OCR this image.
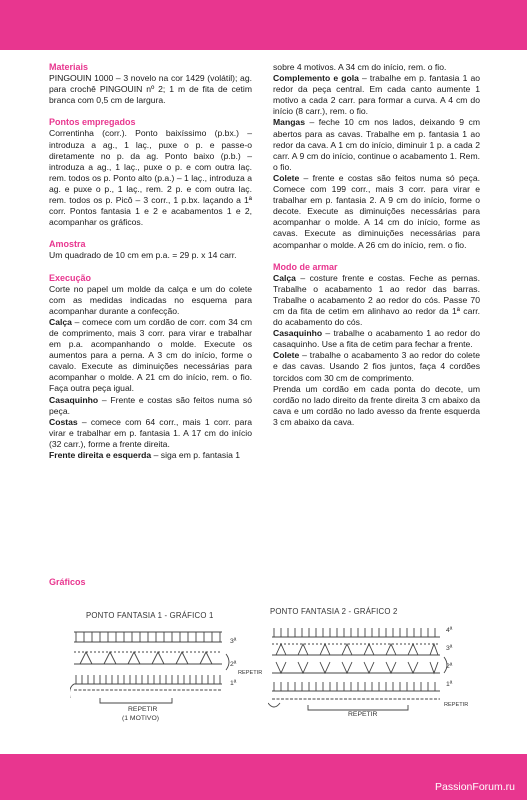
Materiais

PINGOUIN 1000 – 3 novelo na cor 1429 (volátil); ag. para crochê PINGOUIN nº 2; 1 m de fita de cetim branca com 0,5 cm de largura.

Pontos empregados

Correntinha (corr.). Ponto baixíssimo (p.bx.) – introduza a ag., 1 laç., puxe o p. e passe-o diretamente no p. da ag. Ponto baixo (p.b.) – introduza a ag., 1 laç., puxe o p. e com outra laç. rem. todos os p. Ponto alto (p.a.) – 1 laç., introduza a ag. e puxe o p., 1 laç., rem. 2 p. e com outra laç. rem. todos os p. Picô – 3 corr., 1 p.bx. laçando a 1ª corr. Pontos fantasia 1 e 2 e acabamentos 1 e 2, acompanhar os gráficos.

Amostra

Um quadrado de 10 cm em p.a. = 29 p. x 14 carr.

Execução

Corte no papel um molde da calça e um do colete com as medidas indicadas no esquema para acompanhar durante a confecção.

Calça – comece com um cordão de corr. com 34 cm de comprimento, mais 3 corr. para virar e trabalhar em p.a. acompanhando o molde. Execute os aumentos para a perna. A 3 cm do início, forme o cavalo. Execute as diminuições necessárias para acompanhar o molde. A 21 cm do início, rem. o fio. Faça outra peça igual.

Casaquinho – Frente e costas são feitos numa só peça.

Costas – comece com 64 corr., mais 1 corr. para virar e trabalhar em p. fantasia 1. A 17 cm do início (32 carr.), forme a frente direita.

Frente direita e esquerda – siga em p. fantasia 1

sobre 4 motivos. A 34 cm do início, rem. o fio.

Complemento e gola – trabalhe em p. fantasia 1 ao redor da peça central. Em cada canto aumente 1 motivo a cada 2 carr. para formar a curva. A 4 cm do início (8 carr.), rem. o fio.

Mangas – feche 10 cm nos lados, deixando 9 cm abertos para as cavas. Trabalhe em p. fantasia 1 ao redor da cava. A 1 cm do início, diminuir 1 p. a cada 2 carr. A 9 cm do início, continue o acabamento 1. Rem. o fio.

Colete – frente e costas são feitos numa só peça. Comece com 199 corr., mais 3 corr. para virar e trabalhar em p. fantasia 2. A 9 cm do início, forme o decote. Execute as diminuições necessárias para acompanhar o molde. A 14 cm do início, forme as cavas. Execute as diminuições necessárias para acompanhar o molde. A 26 cm do início, rem. o fio.

Modo de armar

Calça – costure frente e costas. Feche as pernas. Trabalhe o acabamento 1 ao redor das barras. Trabalhe o acabamento 2 ao redor do cós. Passe 70 cm da fita de cetim em alinhavo ao redor da 1ª carr. do acabamento do cós.

Casaquinho – trabalhe o acabamento 1 ao redor do casaquinho. Use a fita de cetim para fechar a frente.

Colete – trabalhe o acabamento 3 ao redor do colete e das cavas. Usando 2 fios juntos, faça 4 cordões torcidos com 30 cm de comprimento.

Prenda um cordão em cada ponta do decote, um cordão no lado direito da frente direita 3 cm abaixo da cava e um cordão no lado avesso da frente esquerda 3 cm abaixo da cava.

Gráficos
PONTO FANTASIA 1 - GRÁFICO 1
3ª
2ª
1ª
REPETIR
REPETIR
(1 MOTIVO)
PONTO FANTASIA 2 - GRÁFICO 2
4ª
3ª
2ª
1ª
REPETIR
REPETIR
PassionForum.ru
